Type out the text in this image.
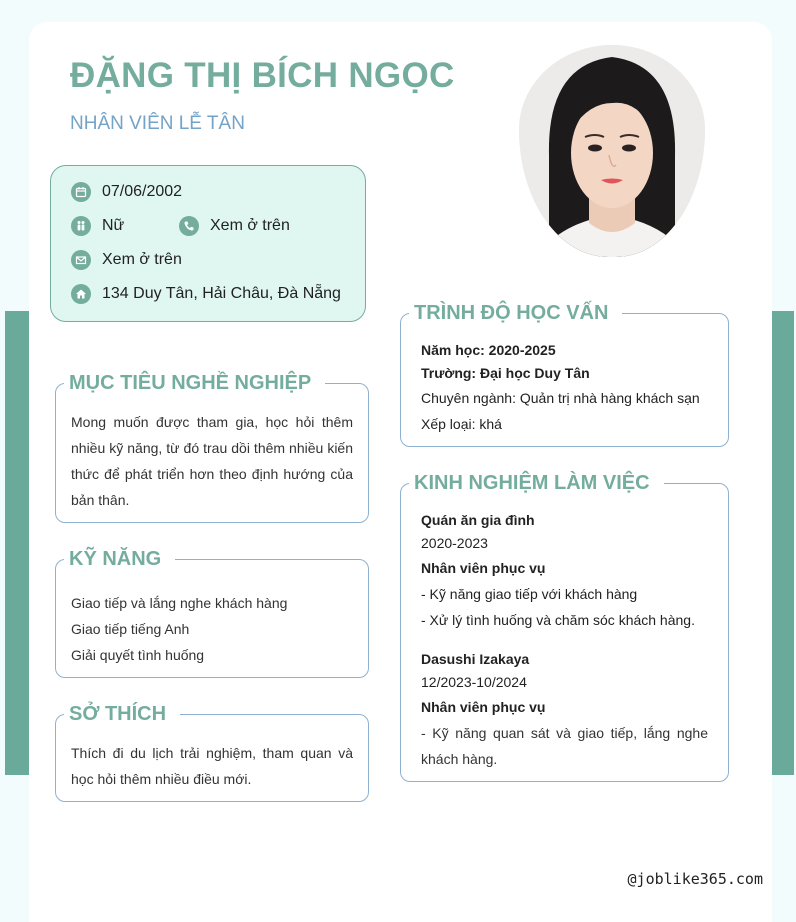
ĐẶNG THỊ BÍCH NGỌC
NHÂN VIÊN LỄ TÂN
07/06/2002
Nữ	Xem ở trên
Xem ở trên
134 Duy Tân, Hải Châu, Đà Nẵng
MỤC TIÊU NGHỀ NGHIỆP
Mong muốn được tham gia, học hỏi thêm nhiều kỹ năng, từ đó trau dồi thêm nhiều kiến thức để phát triển hơn theo định hướng của bản thân.
KỸ NĂNG
Giao tiếp và lắng nghe khách hàng
Giao tiếp tiếng Anh
Giải quyết tình huống
SỞ THÍCH
Thích đi du lịch trải nghiệm, tham quan và học hỏi thêm nhiều điều mới.
TRÌNH ĐỘ HỌC VẤN
Năm học: 2020-2025
Trường: Đại học Duy Tân
Chuyên ngành: Quản trị nhà hàng khách sạn
Xếp loại: khá
KINH NGHIỆM LÀM VIỆC
Quán ăn gia đình
2020-2023
Nhân viên phục vụ
- Kỹ năng giao tiếp với khách hàng
- Xử lý tình huống và chăm sóc khách hàng.
Dasushi Izakaya
12/2023-10/2024
Nhân viên phục vụ
- Kỹ năng quan sát và giao tiếp, lắng nghe khách hàng.
@joblike365.com
